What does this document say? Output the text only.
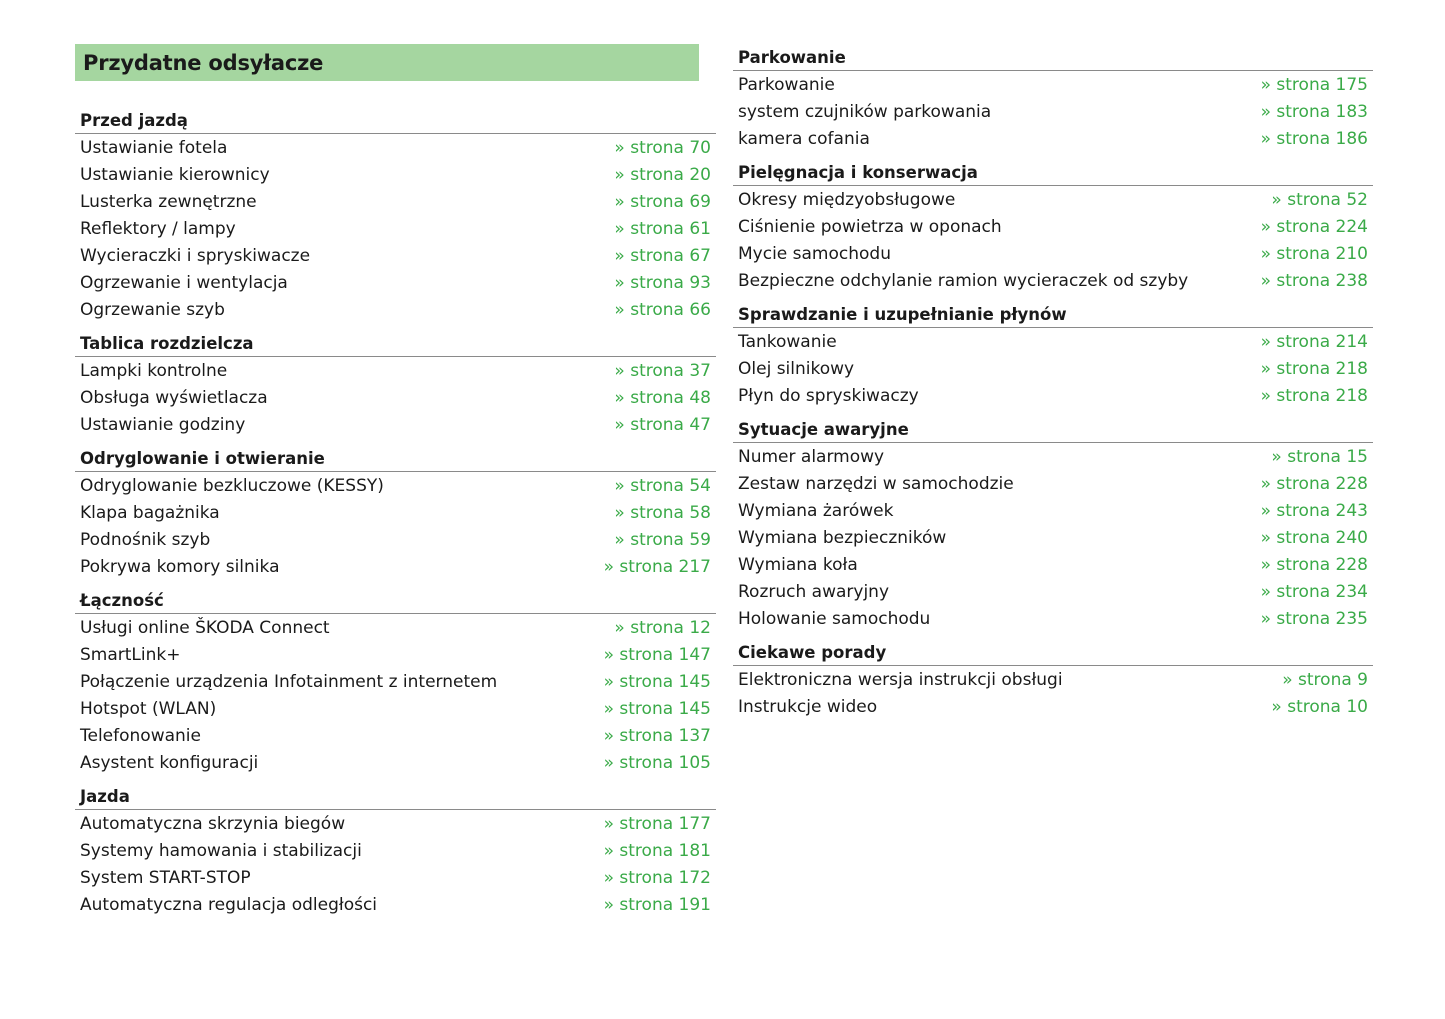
Przydatne odsyłacze
Przed jazdą
Ustawianie fotela	» strona 70
Ustawianie kierownicy	» strona 20
Lusterka zewnętrzne	» strona 69
Reflektory / lampy	» strona 61
Wycieraczki i spryskiwacze	» strona 67
Ogrzewanie i wentylacja	» strona 93
Ogrzewanie szyb	» strona 66
Tablica rozdzielcza
Lampki kontrolne	» strona 37
Obsługa wyświetlacza	» strona 48
Ustawianie godziny	» strona 47
Odryglowanie i otwieranie
Odryglowanie bezkluczowe (KESSY)	» strona 54
Klapa bagażnika	» strona 58
Podnośnik szyb	» strona 59
Pokrywa komory silnika	» strona 217
Łączność
Usługi online ŠKODA Connect	» strona 12
SmartLink+	» strona 147
Połączenie urządzenia Infotainment z internetem	» strona 145
Hotspot (WLAN)	» strona 145
Telefonowanie	» strona 137
Asystent konfiguracji	» strona 105
Jazda
Automatyczna skrzynia biegów	» strona 177
Systemy hamowania i stabilizacji	» strona 181
System START-STOP	» strona 172
Automatyczna regulacja odległości	» strona 191
Parkowanie
Parkowanie	» strona 175
system czujników parkowania	» strona 183
kamera cofania	» strona 186
Pielęgnacja i konserwacja
Okresy międzyobsługowe	» strona 52
Ciśnienie powietrza w oponach	» strona 224
Mycie samochodu	» strona 210
Bezpieczne odchylanie ramion wycieraczek od szyby	» strona 238
Sprawdzanie i uzupełnianie płynów
Tankowanie	» strona 214
Olej silnikowy	» strona 218
Płyn do spryskiwaczy	» strona 218
Sytuacje awaryjne
Numer alarmowy	» strona 15
Zestaw narzędzi w samochodzie	» strona 228
Wymiana żarówek	» strona 243
Wymiana bezpieczników	» strona 240
Wymiana koła	» strona 228
Rozruch awaryjny	» strona 234
Holowanie samochodu	» strona 235
Ciekawe porady
Elektroniczna wersja instrukcji obsługi	» strona 9
Instrukcje wideo	» strona 10
